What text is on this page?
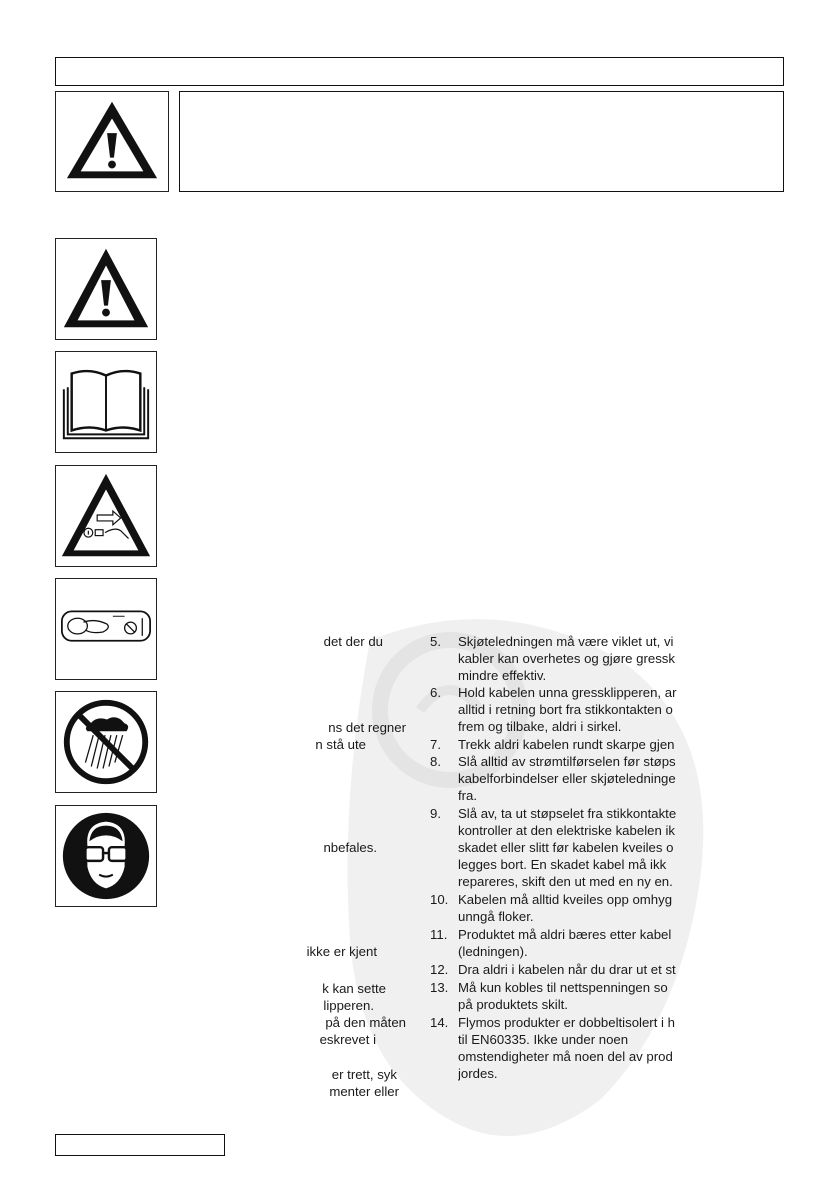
det der du
ns det regner
n stå ute
nbefales.
ikke er kjent
k kan sette
lipperen.
på den måten
eskrevet i
er trett, syk
menter eller
5. Skjøteledningen må være viklet ut, vi
kabler kan overhetes og gjøre gressk
mindre effektiv.
6. Hold kabelen unna gressklipperen, ar
alltid i retning bort fra stikkontakten o
frem og tilbake, aldri i sirkel.
7. Trekk aldri kabelen rundt skarpe gjen
8. Slå alltid av strømtilførselen før støps
kabelforbindelser eller skjøteledninge
fra.
9. Slå av, ta ut støpselet fra stikkontakte
kontroller at den elektriske kabelen ik
skadet eller slitt før kabelen kveiles o
legges bort. En skadet kabel må ikk
repareres, skift den ut med en ny en.
10. Kabelen må alltid kveiles opp omhyg
unngå floker.
11. Produktet må aldri bæres etter kabel
(ledningen).
12. Dra aldri i kabelen når du drar ut et st
13. Må kun kobles til nettspenningen so
på produktets skilt.
14. Flymos produkter er dobbeltisolert i h
til EN60335. Ikke under noen
omstendigheter må noen del av prod
jordes.
